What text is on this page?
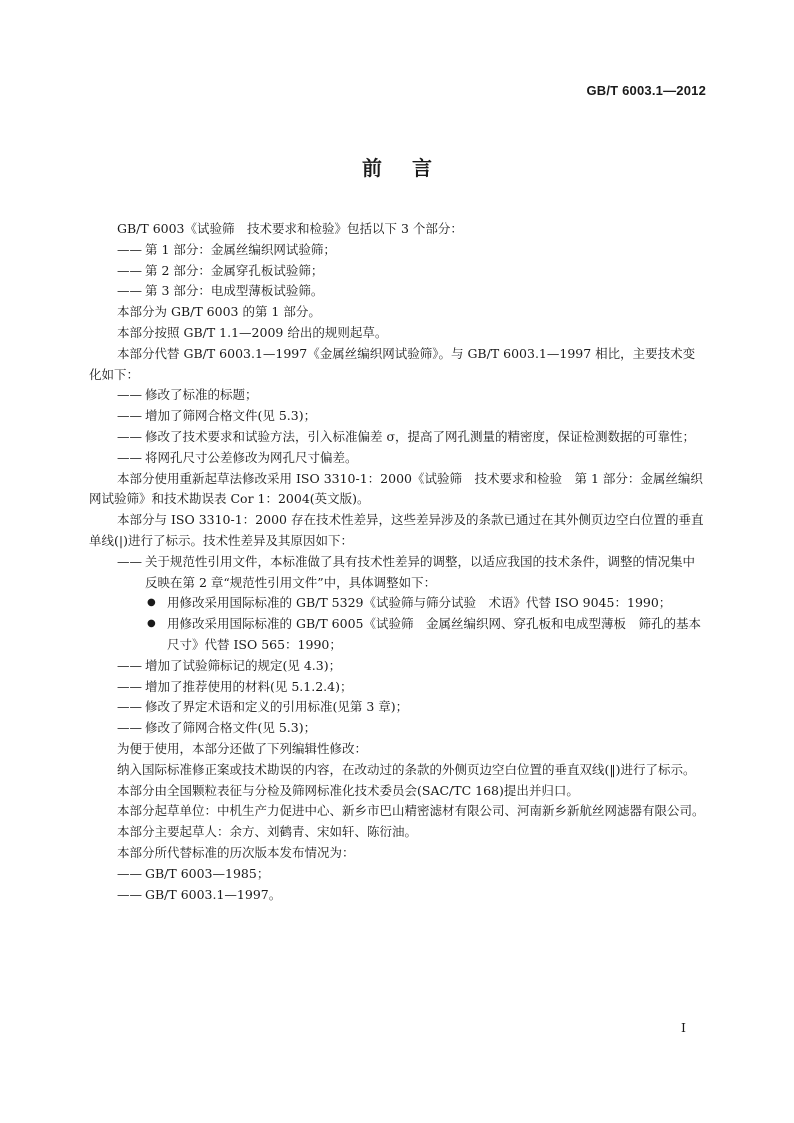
GB/T 6003.1—2012
前言

GB/T 6003《试验筛　技术要求和检验》包括以下 3 个部分：

—— 第 1 部分：金属丝编织网试验筛；
—— 第 2 部分：金属穿孔板试验筛；
—— 第 3 部分：电成型薄板试验筛。

本部分为 GB/T 6003 的第 1 部分。

本部分按照 GB/T 1.1—2009 给出的规则起草。

本部分代替 GB/T 6003.1—1997《金属丝编织网试验筛》。与 GB/T 6003.1—1997 相比，主要技术变化如下：

—— 修改了标准的标题；
—— 增加了筛网合格文件(见 5.3)；
—— 修改了技术要求和试验方法，引入标准偏差 σ，提高了网孔测量的精密度，保证检测数据的可靠性；
—— 将网孔尺寸公差修改为网孔尺寸偏差。

本部分使用重新起草法修改采用 ISO 3310-1：2000《试验筛　技术要求和检验　第 1 部分：金属丝编织网试验筛》和技术勘误表 Cor 1：2004(英文版)。

本部分与 ISO 3310-1：2000 存在技术性差异，这些差异涉及的条款已通过在其外侧页边空白位置的垂直单线(|)进行了标示。技术性差异及其原因如下：

—— 关于规范性引用文件，本标准做了具有技术性差异的调整，以适应我国的技术条件，调整的情况集中反映在第 2 章“规范性引用文件”中，具体调整如下：
● 用修改采用国际标准的 GB/T 5329《试验筛与筛分试验　术语》代替 ISO 9045：1990；
● 用修改采用国际标准的 GB/T 6005《试验筛　金属丝编织网、穿孔板和电成型薄板　筛孔的基本尺寸》代替 ISO 565：1990；
—— 增加了试验筛标记的规定(见 4.3)；
—— 增加了推荐使用的材料(见 5.1.2.4)；
—— 修改了界定术语和定义的引用标准(见第 3 章)；
—— 修改了筛网合格文件(见 5.3)；

为便于使用，本部分还做了下列编辑性修改：

纳入国际标准修正案或技术勘误的内容，在改动过的条款的外侧页边空白位置的垂直双线(‖)进行了标示。

本部分由全国颗粒表征与分检及筛网标准化技术委员会(SAC/TC 168)提出并归口。

本部分起草单位：中机生产力促进中心、新乡市巴山精密滤材有限公司、河南新乡新航丝网滤器有限公司。

本部分主要起草人：余方、刘鹤青、宋如轩、陈衍油。

本部分所代替标准的历次版本发布情况为：

—— GB/T 6003—1985；
—— GB/T 6003.1—1997。
I
